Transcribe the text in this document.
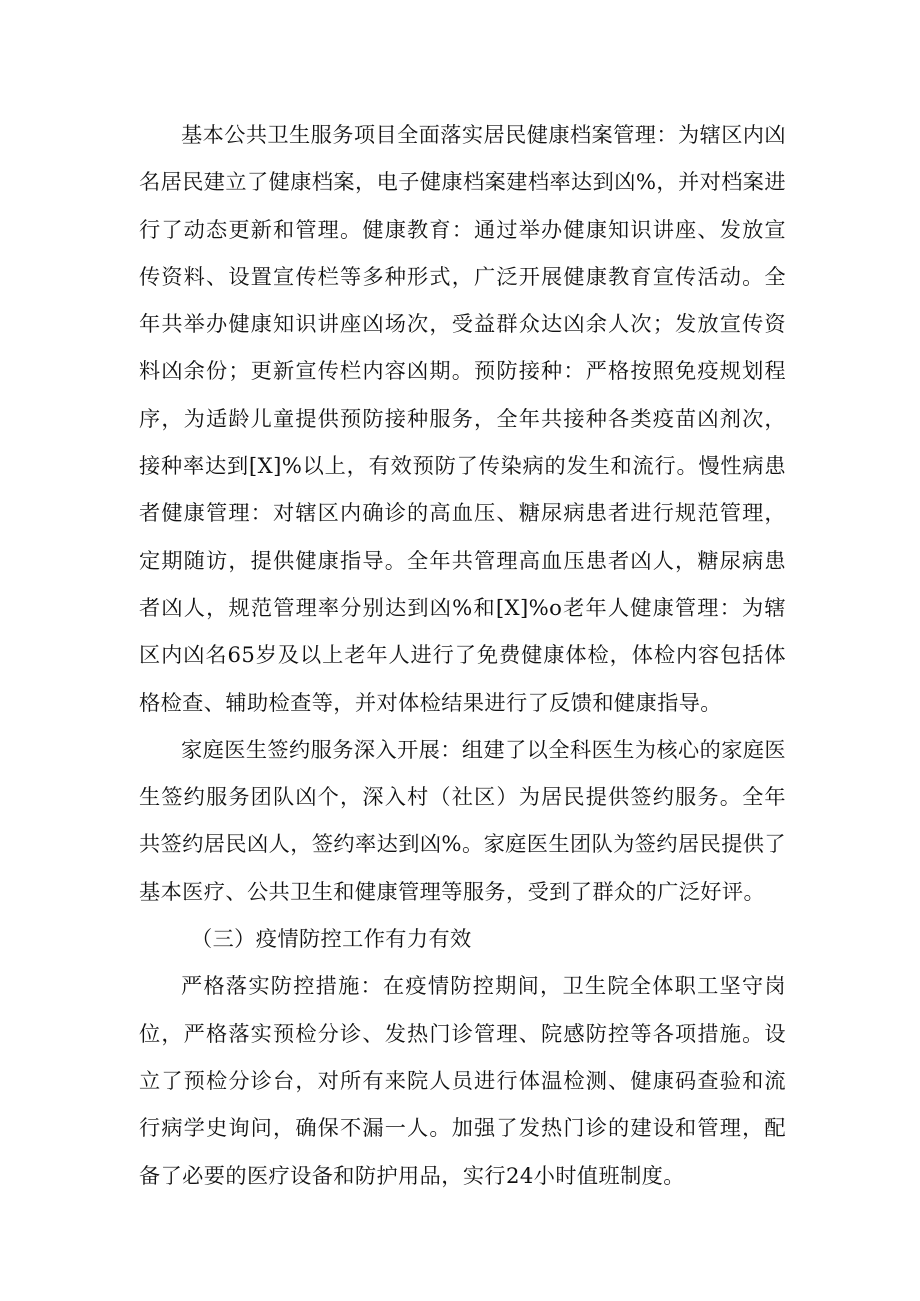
基本公共卫生服务项目全面落实居民健康档案管理：为辖区内凶名居民建立了健康档案，电子健康档案建档率达到凶%，并对档案进行了动态更新和管理。健康教育：通过举办健康知识讲座、发放宣传资料、设置宣传栏等多种形式，广泛开展健康教育宣传活动。全年共举办健康知识讲座凶场次，受益群众达凶余人次；发放宣传资料凶余份；更新宣传栏内容凶期。预防接种：严格按照免疫规划程序，为适龄儿童提供预防接种服务，全年共接种各类疫苗凶剂次，接种率达到[X]%以上，有效预防了传染病的发生和流行。慢性病患者健康管理：对辖区内确诊的高血压、糖尿病患者进行规范管理，定期随访，提供健康指导。全年共管理高血压患者凶人，糖尿病患者凶人，规范管理率分别达到凶%和[X]%o老年人健康管理：为辖区内凶名65岁及以上老年人进行了免费健康体检，体检内容包括体格检查、辅助检查等，并对体检结果进行了反馈和健康指导。

家庭医生签约服务深入开展：组建了以全科医生为核心的家庭医生签约服务团队凶个，深入村（社区）为居民提供签约服务。全年共签约居民凶人，签约率达到凶%。家庭医生团队为签约居民提供了基本医疗、公共卫生和健康管理等服务，受到了群众的广泛好评。

（三）疫情防控工作有力有效

严格落实防控措施：在疫情防控期间，卫生院全体职工坚守岗位，严格落实预检分诊、发热门诊管理、院感防控等各项措施。设立了预检分诊台，对所有来院人员进行体温检测、健康码查验和流行病学史询问，确保不漏一人。加强了发热门诊的建设和管理，配备了必要的医疗设备和防护用品，实行24小时值班制度。
